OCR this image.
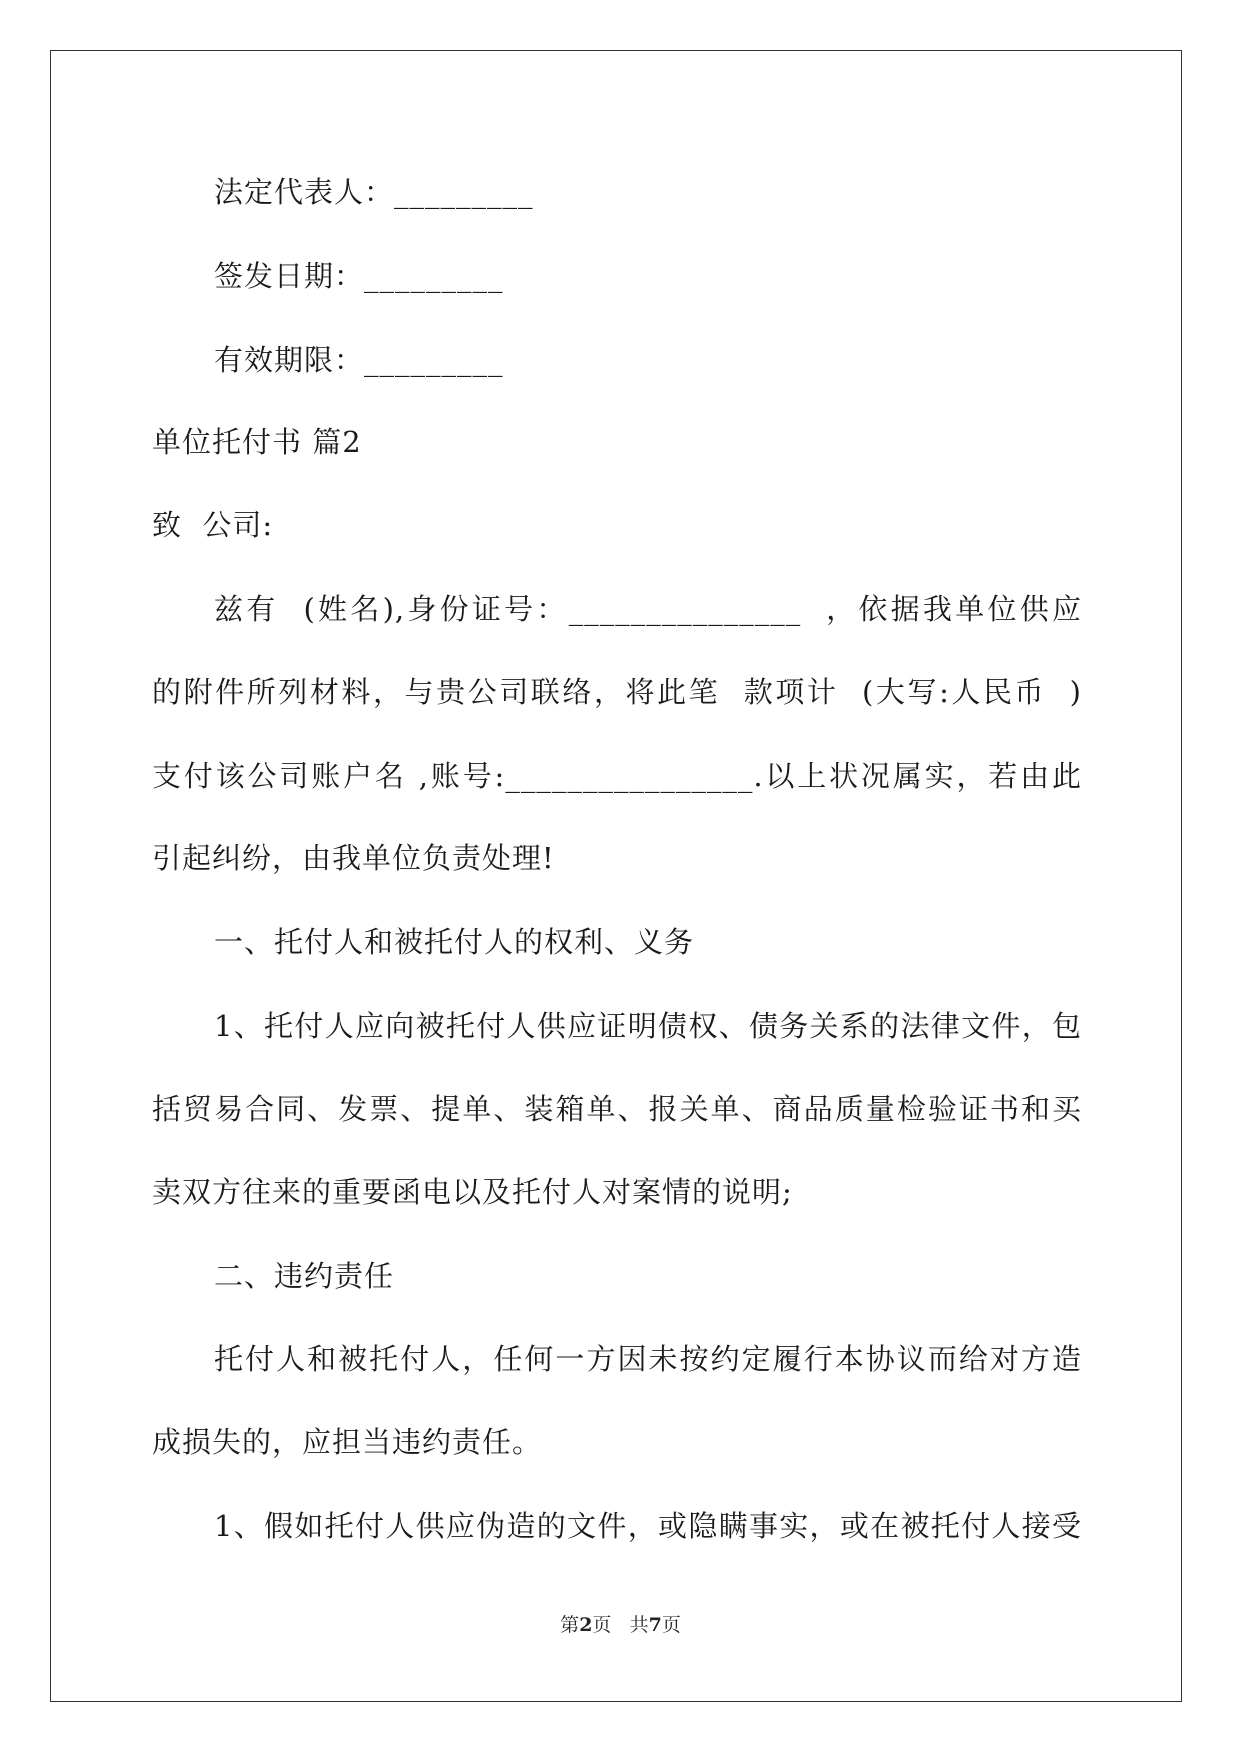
法定代表人：_________
签发日期：_________
有效期限：_________
单位托付书 篇2
致  公司:
兹有  (姓名),身份证号：_______________  ，依据我单位供应
的附件所列材料，与贵公司联络，将此笔  款项计  (大写:人民币  )
支付该公司账户名 ,账号:________________.以上状况属实，若由此
引起纠纷，由我单位负责处理!
一、托付人和被托付人的权利、义务
1、托付人应向被托付人供应证明债权、债务关系的法律文件，包
括贸易合同、发票、提单、装箱单、报关单、商品质量检验证书和买
卖双方往来的重要函电以及托付人对案情的说明;
二、违约责任
托付人和被托付人，任何一方因未按约定履行本协议而给对方造
成损失的，应担当违约责任。
1、假如托付人供应伪造的文件，或隐瞒事实，或在被托付人接受
第2页 共7页
